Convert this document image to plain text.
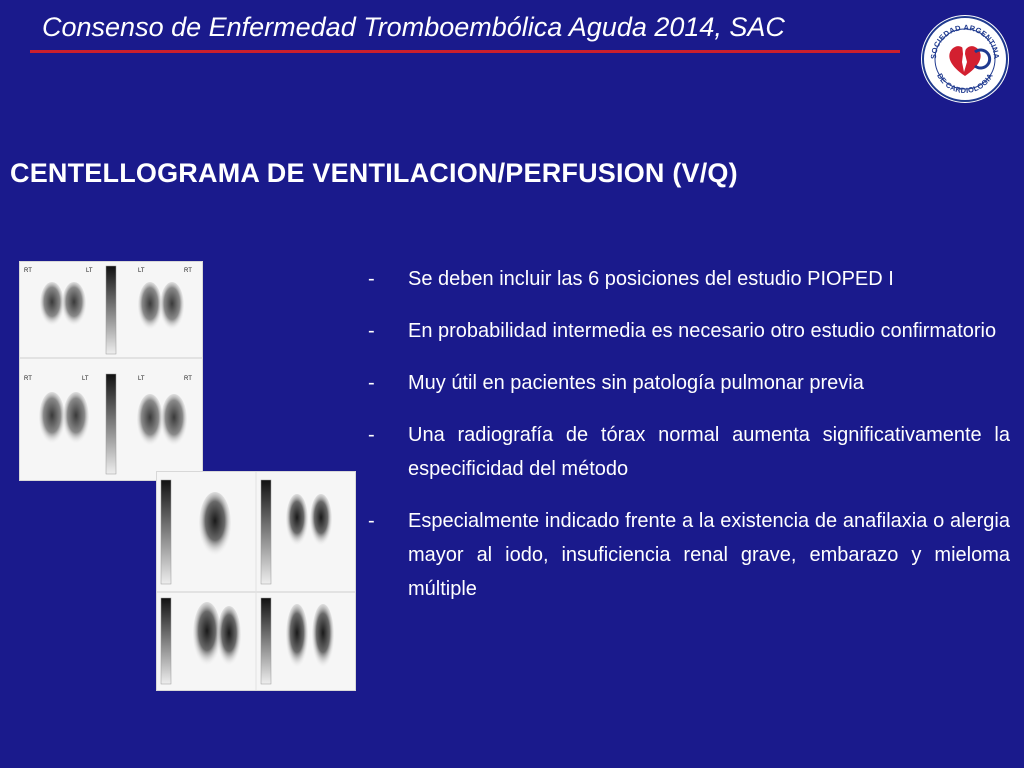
Consenso de Enfermedad Tromboembólica Aguda 2014, SAC
SOCIEDAD ARGENTINA
DE CARDIOLOGIA
CENTELLOGRAMA DE VENTILACION/PERFUSION (V/Q)
RT	LT	LT	RT
RT	LT	LT	RT
- Se deben incluir las 6 posiciones del estudio PIOPED I
- En probabilidad intermedia es necesario otro estudio confirmatorio
- Muy útil en pacientes sin patología pulmonar previa
- Una radiografía de tórax normal aumenta significativamente la especificidad del método
- Especialmente indicado frente a la existencia de anafilaxia o alergia mayor al iodo, insuficiencia renal grave, embarazo y mieloma múltiple
